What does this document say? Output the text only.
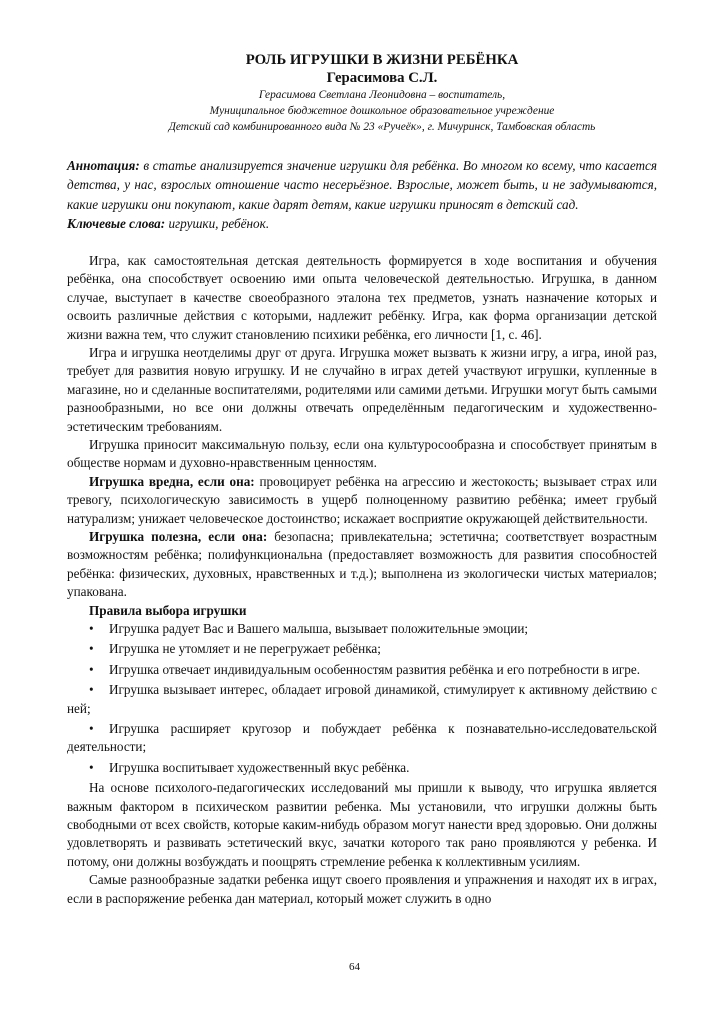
РОЛЬ ИГРУШКИ В ЖИЗНИ РЕБЁНКА
Герасимова С.Л.
Герасимова Светлана Леонидовна – воспитатель,
Муниципальное бюджетное дошкольное образовательное учреждение
Детский сад комбинированного вида № 23 «Ручеёк», г. Мичуринск, Тамбовская область
Аннотация: в статье анализируется значение игрушки для ребёнка. Во многом ко всему, что касается детства, у нас, взрослых отношение часто несерьёзное. Взрослые, может быть, и не задумываются, какие игрушки они покупают, какие дарят детям, какие игрушки приносят в детский сад.
Ключевые слова: игрушки, ребёнок.

Игра, как самостоятельная детская деятельность формируется в ходе воспитания и обучения ребёнка, она способствует освоению ими опыта человеческой деятельностью. Игрушка, в данном случае, выступает в качестве своеобразного эталона тех предметов, узнать назначение которых и освоить различные действия с которыми, надлежит ребёнку. Игра, как форма организации детской жизни важна тем, что служит становлению психики ребёнка, его личности [1, с. 46].

Игра и игрушка неотделимы друг от друга. Игрушка может вызвать к жизни игру, а игра, иной раз, требует для развития новую игрушку. И не случайно в играх детей участвуют игрушки, купленные в магазине, но и сделанные воспитателями, родителями или самими детьми. Игрушки могут быть самыми разнообразными, но все они должны отвечать определённым педагогическим и художественно-эстетическим требованиям.

Игрушка приносит максимальную пользу, если она культуросообразна и способствует принятым в обществе нормам и духовно-нравственным ценностям.

Игрушка вредна, если она: провоцирует ребёнка на агрессию и жестокость; вызывает страх или тревогу, психологическую зависимость в ущерб полноценному развитию ребёнка; имеет грубый натурализм; унижает человеческое достоинство; искажает восприятие окружающей действительности.

Игрушка полезна, если она: безопасна; привлекательна; эстетична; соответствует возрастным возможностям ребёнка; полифункциональна (предоставляет возможность для развития способностей ребёнка: физических, духовных, нравственных и т.д.); выполнена из экологически чистых материалов; упакована.

Правила выбора игрушки

• Игрушка радует Вас и Вашего малыша, вызывает положительные эмоции;
• Игрушка не утомляет и не перегружает ребёнка;
• Игрушка отвечает индивидуальным особенностям развития ребёнка и его потребности в игре.
• Игрушка вызывает интерес, обладает игровой динамикой, стимулирует к активному действию с ней;
• Игрушка расширяет кругозор и побуждает ребёнка к познавательно-исследовательской деятельности;
• Игрушка воспитывает художественный вкус ребёнка.

На основе психолого-педагогических исследований мы пришли к выводу, что игрушка является важным фактором в психическом развитии ребенка. Мы установили, что игрушки должны быть свободными от всех свойств, которые каким-нибудь образом могут нанести вред здоровью. Они должны удовлетворять и развивать эстетический вкус, зачатки которого так рано проявляются у ребенка. И потому, они должны возбуждать и поощрять стремление ребенка к коллективным усилиям.

Самые разнообразные задатки ребенка ищут своего проявления и упражнения и находят их в играх, если в распоряжение ребенка дан материал, который может служить в одно

64
